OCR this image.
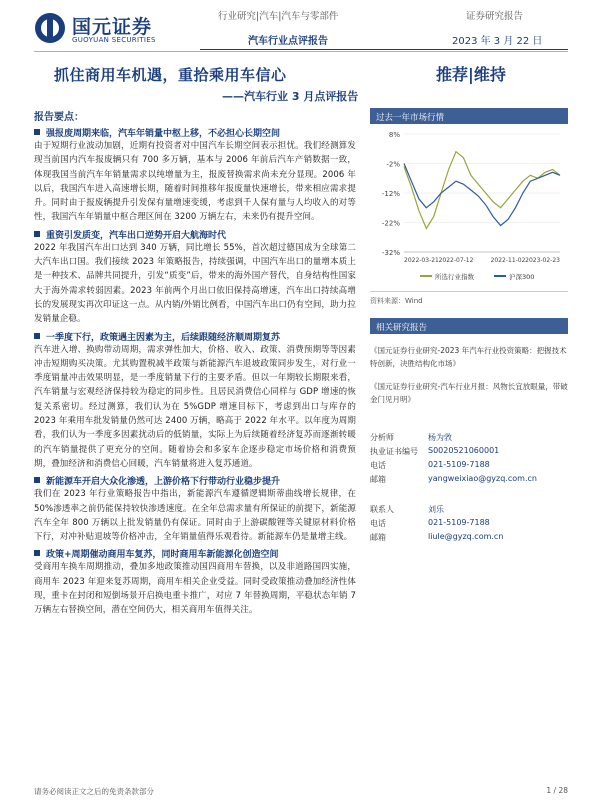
国元证券
GUOYUAN SECURITIES
行业研究|汽车|汽车与零部件	证券研究报告
汽车行业点评报告	2023 年 3 月 22 日
抓住商用车机遇，重拾乘用车信心
——汽车行业 3 月点评报告
推荐|维持
报告要点：
强报废周期来临，汽车年销量中枢上移，不必担心长期空间
由于短期行业波动加剧，近期有投资者对中国汽车长期空间表示担忧。我们经测算发现当前国内汽车报废辆只有 700 多万辆，基本与 2006 年前后汽车产销数据一致，体现我国当前汽车年销量需求以纯增量为主，报废替换需求尚未充分显现。2006 年以后，我国汽车进入高速增长期，随着时间推移年报废量快速增长，带来相应需求提升。同时由于报废辆提升引发保有量增速变缓，考虑到千人保有量与人均收入的对等性，我国汽车年销量中枢合理区间在 3200 万辆左右，未来仍有提升空间。
重资引发质变，汽车出口逆势开启大航海时代
2022 年我国汽车出口达到 340 万辆，同比增长 55%，首次超过德国成为全球第二大汽车出口国。我们接续 2023 年策略报告，持续强调，中国汽车出口的量增本质上是一种技术、品牌共同提升，引发“质变”后，带来的海外国产替代，自身结构性国家大于海外需求转弱因素。2023 年前两个月出口依旧保持高增速，汽车出口持续高增长的发展现实再次印证这一点。从内销/外销比例看，中国汽车出口仍有空间，助力拉发销量企稳。
一季度下行，政策遇主因素为主，后续跟随经济顺周期复苏
汽车进入增、换购带动周期，需求弹性加大，价格、收入、政策、消费预期等等因素冲击短期购买决策。尤其购置税减半政策与新能源汽车退坡政策同步发生，对行业一季度销量冲击效果明显，是一季度销量下行的主要矛盾。但以一年期较长期限来看，汽车销量与宏观经济保持较为稳定的同步性。且居民消费信心同样与 GDP 增速的恢复关系密切。经过测算，我们认为在 5%GDP 增速目标下，考虑到出口与库存的 2023 年乘用车批发销量仍然可达 2400 万辆，略高于 2022 年水平。以年度为周期看，我们认为一季度多因素扰动后的低销量，实际上为后续随着经济复苏而逐渐转暖的汽车销量提供了更充分的空间。随着协会和多家车企逐步稳定市场价格和消费预期，叠加经济和消费信心回暖，汽车销量将进入复苏通道。
新能源车开启大众化渗透，上游价格下行带动行业稳步提升
我们在 2023 年行业策略报告中指出，新能源汽车遵循逻辑斯蒂曲线增长规律，在 50%渗透率之前仍能保持较快渗透速度。在全年总需求量有所保证的前提下，新能源汽车全年 800 万辆以上批发销量仍有保证。同时由于上游碳酸锂等关键原材料价格下行，对冲补贴退坡等价格冲击，全年销量值得乐观看待。新能源车仍是量增主线。
政策+周期催动商用车复苏，同时商用车新能源化创造空间
受商用车换车周期推动，叠加多地政策推动国四商用车替换，以及非道路国四实施，商用车 2023 年迎来复苏周期，商用车相关企业受益。同时受政策推动叠加经济性体现，重卡在封闭和短倒场景开启换电重卡推广，对应 7 年替换周期，平稳状态年销 7 万辆左右替换空间，潜在空间仍大，相关商用车值得关注。
过去一年市场行情
8%
-2%
-12%
-22%
-32%
2022-03-21 2022-07-12	2022-11-02 2023-02-23
所选行业指数	沪深300
资料来源：Wind
相关研究报告
《国元证券行业研究-2023 年汽车行业投资策略：把握技术特创新，决胜结构化市场》
《国元证券行业研究-汽车行业月报：风物长宜放眼量，带破金门见月明》
分析师	杨为敩
执业证书编号 S0020521060001
电话	021-5109-7188
邮箱	yangweixiao@gyzq.com.cn
联系人	刘乐
电话	021-5109-7188
邮箱	liule@gyzq.com.cn
请务必阅读正文之后的免责条款部分	1 / 28
